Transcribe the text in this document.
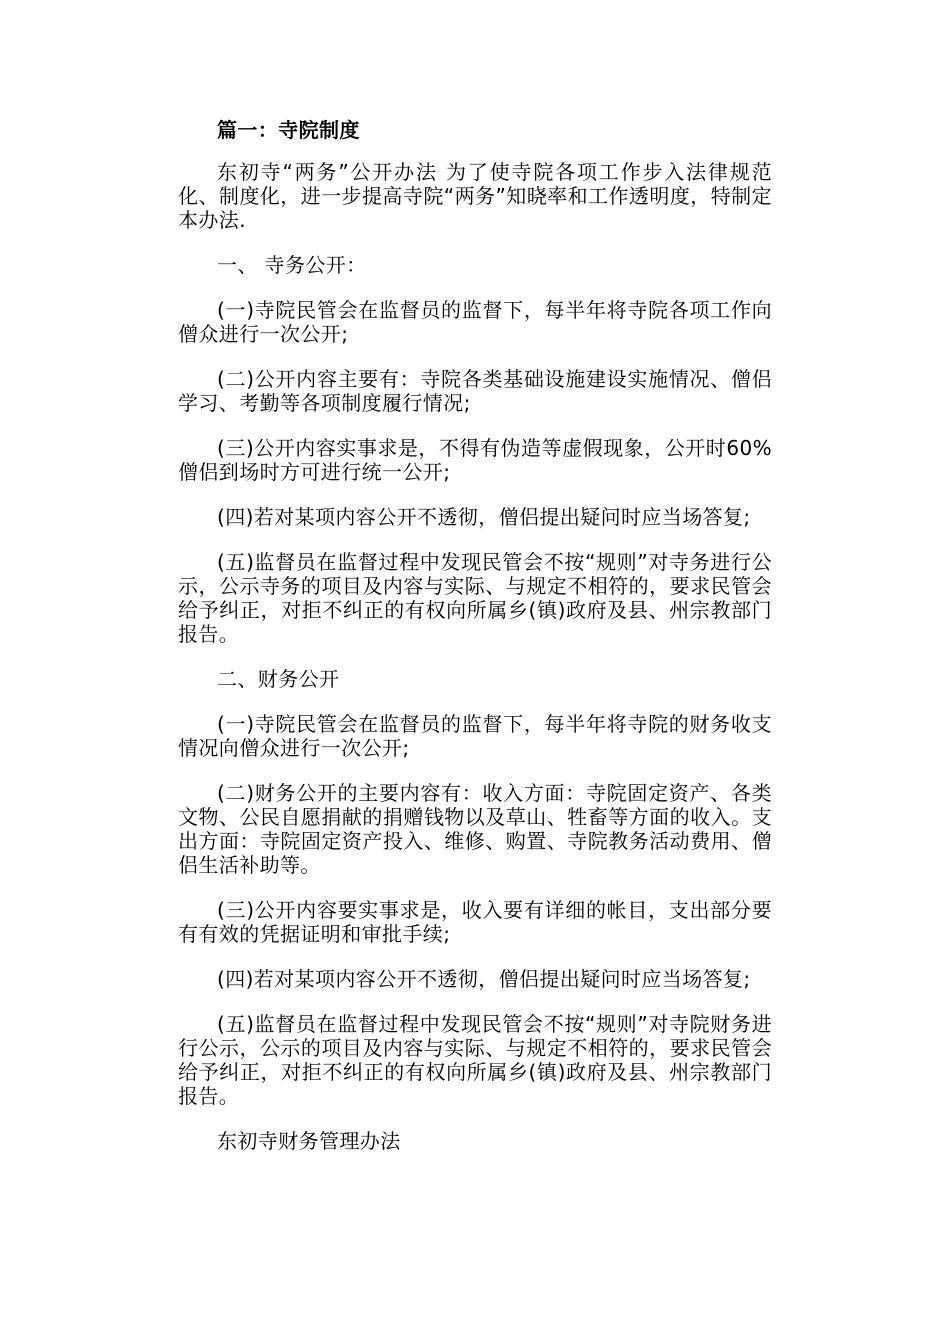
篇一：寺院制度

东初寺“两务”公开办法 为了使寺院各项工作步入法律规范化、制度化，进一步提高寺院“两务”知晓率和工作透明度，特制定本办法.

一、 寺务公开：

(一)寺院民管会在监督员的监督下，每半年将寺院各项工作向僧众进行一次公开;

(二)公开内容主要有：寺院各类基础设施建设实施情况、僧侣学习、考勤等各项制度履行情况;

(三)公开内容实事求是，不得有伪造等虚假现象，公开时60%僧侣到场时方可进行统一公开;

(四)若对某项内容公开不透彻，僧侣提出疑问时应当场答复;

(五)监督员在监督过程中发现民管会不按“规则”对寺务进行公示，公示寺务的项目及内容与实际、与规定不相符的，要求民管会给予纠正，对拒不纠正的有权向所属乡(镇)政府及县、州宗教部门报告。

二、财务公开

(一)寺院民管会在监督员的监督下，每半年将寺院的财务收支情况向僧众进行一次公开;

(二)财务公开的主要内容有：收入方面：寺院固定资产、各类文物、公民自愿捐献的捐赠钱物以及草山、牲畜等方面的收入。支出方面：寺院固定资产投入、维修、购置、寺院教务活动费用、僧侣生活补助等。

(三)公开内容要实事求是，收入要有详细的帐目，支出部分要有有效的凭据证明和审批手续;

(四)若对某项内容公开不透彻，僧侣提出疑问时应当场答复;

(五)监督员在监督过程中发现民管会不按“规则”对寺院财务进行公示，公示的项目及内容与实际、与规定不相符的，要求民管会给予纠正，对拒不纠正的有权向所属乡(镇)政府及县、州宗教部门报告。

东初寺财务管理办法
